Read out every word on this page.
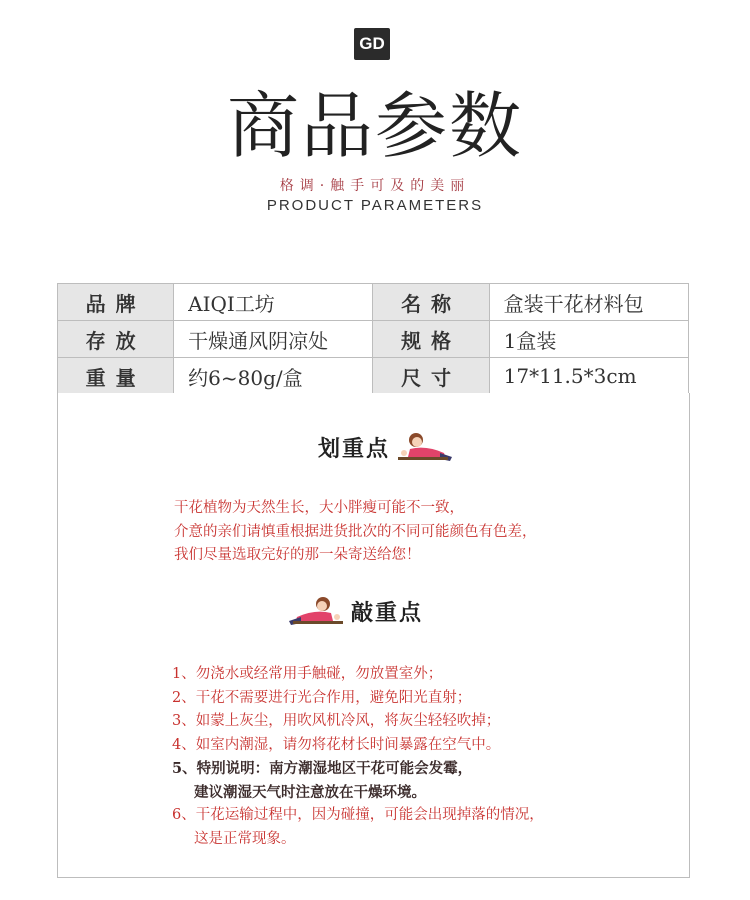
GD
商品参数
格调·触手可及的美丽
PRODUCT PARAMETERS
品牌	AIQI工坊	名称	盒装干花材料包
存放	干燥通风阴凉处	规格	1盒装
重量	约6~80g/盒	尺寸	17*11.5*3cm
划重点
干花植物为天然生长，大小胖瘦可能不一致，
介意的亲们请慎重根据进货批次的不同可能颜色有色差，
我们尽量选取完好的那一朵寄送给您！
敲重点
1、勿浇水或经常用手触碰，勿放置室外；
2、干花不需要进行光合作用，避免阳光直射；
3、如蒙上灰尘，用吹风机冷风，将灰尘轻轻吹掉；
4、如室内潮湿，请勿将花材长时间暴露在空气中。
5、特别说明：南方潮湿地区干花可能会发霉，
建议潮湿天气时注意放在干燥环境。
6、干花运输过程中，因为碰撞，可能会出现掉落的情况，
这是正常现象。
